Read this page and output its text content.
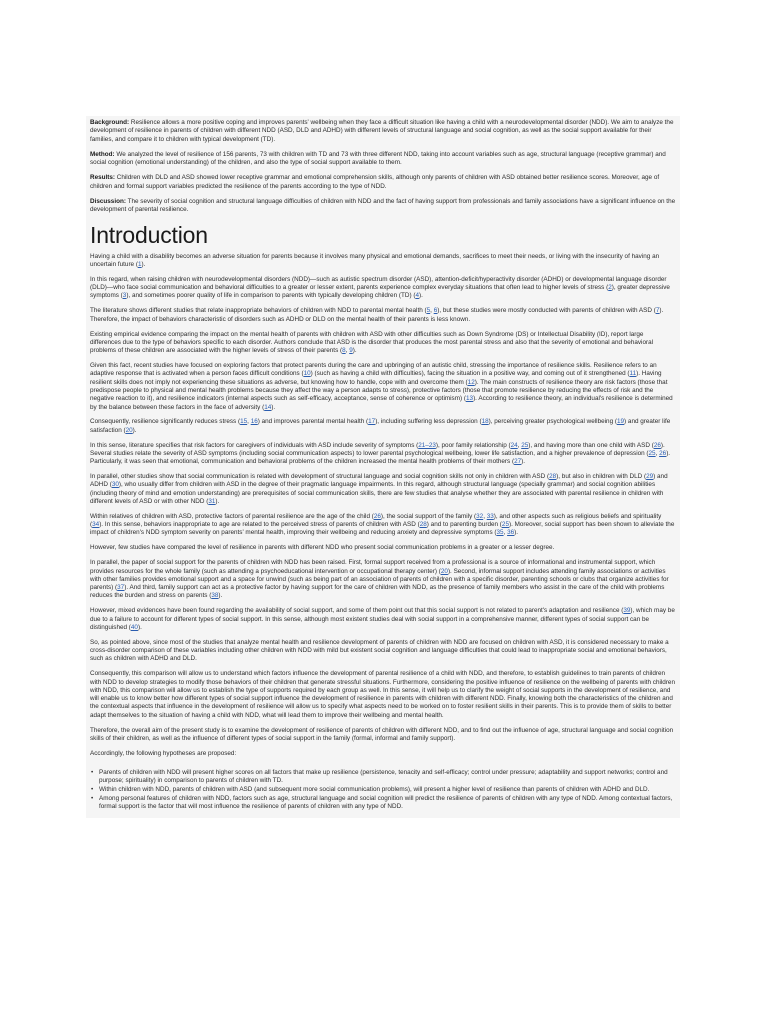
Background: Resilience allows a more positive coping and improves parents' wellbeing when they face a difficult situation like having a child with a neurodevelopmental disorder (NDD). We aim to analyze the development of resilience in parents of children with different NDD (ASD, DLD and ADHD) with different levels of structural language and social cognition, as well as the social support available for their families, and compare it to children with typical development (TD).

Method: We analyzed the level of resilience of 156 parents, 73 with children with TD and 73 with three different NDD, taking into account variables such as age, structural language (receptive grammar) and social cognition (emotional understanding) of the children, and also the type of social support available to them.

Results: Children with DLD and ASD showed lower receptive grammar and emotional comprehension skills, although only parents of children with ASD obtained better resilience scores. Moreover, age of children and formal support variables predicted the resilience of the parents according to the type of NDD.

Discussion: The severity of social cognition and structural language difficulties of children with NDD and the fact of having support from professionals and family associations have a significant influence on the development of parental resilience.

Introduction

Having a child with a disability becomes an adverse situation for parents because it involves many physical and emotional demands, sacrifices to meet their needs, or living with the insecurity of having an uncertain future (1).

In this regard, when raising children with neurodevelopmental disorders (NDD)—such as autistic spectrum disorder (ASD), attention-deficit/hyperactivity disorder (ADHD) or developmental language disorder (DLD)—who face social communication and behavioral difficulties to a greater or lesser extent, parents experience complex everyday situations that often lead to higher levels of stress (2), greater depressive symptoms (3), and sometimes poorer quality of life in comparison to parents with typically developing children (TD) (4).

The literature shows different studies that relate inappropriate behaviors of children with NDD to parental mental health (5, 6), but these studies were mostly conducted with parents of children with ASD (7). Therefore, the impact of behaviors characteristic of disorders such as ADHD or DLD on the mental health of their parents is less known.

Existing empirical evidence comparing the impact on the mental health of parents with children with ASD with other difficulties such as Down Syndrome (DS) or Intellectual Disability (ID), report large differences due to the type of behaviors specific to each disorder. Authors conclude that ASD is the disorder that produces the most parental stress and also that the severity of emotional and behavioral problems of these children are associated with the higher levels of stress of their parents (8, 9).

Given this fact, recent studies have focused on exploring factors that protect parents during the care and upbringing of an autistic child, stressing the importance of resilience skills. Resilience refers to an adaptive response that is activated when a person faces difficult conditions (10) (such as having a child with difficulties), facing the situation in a positive way, and coming out of it strengthened (11). Having resilient skills does not imply not experiencing these situations as adverse, but knowing how to handle, cope with and overcome them (12). The main constructs of resilience theory are risk factors (those that predispose people to physical and mental health problems because they affect the way a person adapts to stress), protective factors (those that promote resilience by reducing the effects of risk and the negative reaction to it), and resilience indicators (internal aspects such as self-efficacy, acceptance, sense of coherence or optimism) (13). According to resilience theory, an individual's resilience is determined by the balance between these factors in the face of adversity (14).

Consequently, resilience significantly reduces stress (15, 16) and improves parental mental health (17), including suffering less depression (18), perceiving greater psychological wellbeing (19) and greater life satisfaction (20).

In this sense, literature specifies that risk factors for caregivers of individuals with ASD include severity of symptoms (21–23), poor family relationship (24, 25), and having more than one child with ASD (26). Several studies relate the severity of ASD symptoms (including social communication aspects) to lower parental psychological wellbeing, lower life satisfaction, and a higher prevalence of depression (25, 26). Particularly, it was seen that emotional, communication and behavioral problems of the children increased the mental health problems of their mothers (27).

In parallel, other studies show that social communication is related with development of structural language and social cognition skills not only in children with ASD (28), but also in children with DLD (29) and ADHD (30), who usually differ from children with ASD in the degree of their pragmatic language impairments. In this regard, although structural language (specially grammar) and social cognition abilities (including theory of mind and emotion understanding) are prerequisites of social communication skills, there are few studies that analyse whether they are associated with parental resilience in children with different levels of ASD or with other NDD (31).

Within relatives of children with ASD, protective factors of parental resilience are the age of the child (26), the social support of the family (32, 33), and other aspects such as religious beliefs and spirituality (34). In this sense, behaviors inappropriate to age are related to the perceived stress of parents of children with ASD (28) and to parenting burden (25). Moreover, social support has been shown to alleviate the impact of children's NDD symptom severity on parents' mental health, improving their wellbeing and reducing anxiety and depressive symptoms (35, 36).

However, few studies have compared the level of resilience in parents with different NDD who present social communication problems in a greater or a lesser degree.

In parallel, the paper of social support for the parents of children with NDD has been raised. First, formal support received from a professional is a source of informational and instrumental support, which provides resources for the whole family (such as attending a psychoeducational intervention or occupational therapy center) (20). Second, informal support includes attending family associations or activities with other families provides emotional support and a space for unwind (such as being part of an association of parents of children with a specific disorder, parenting schools or clubs that organize activities for parents) (37). And third, family support can act as a protective factor by having support for the care of children with NDD, as the presence of family members who assist in the care of the child with problems reduces the burden and stress on parents (38).

However, mixed evidences have been found regarding the availability of social support, and some of them point out that this social support is not related to parent's adaptation and resilience (39), which may be due to a failure to account for different types of social support. In this sense, although most existent studies deal with social support in a comprehensive manner, different types of social support can be distinguished (40).

So, as pointed above, since most of the studies that analyze mental health and resilience development of parents of children with NDD are focused on children with ASD, it is considered necessary to make a cross-disorder comparison of these variables including other children with NDD with mild but existent social cognition and language difficulties that could lead to inappropriate social and emotional behaviors, such as children with ADHD and DLD.

Consequently, this comparison will allow us to understand which factors influence the development of parental resilience of a child with NDD, and therefore, to establish guidelines to train parents of children with NDD to develop strategies to modify those behaviors of their children that generate stressful situations. Furthermore, considering the positive influence of resilience on the wellbeing of parents with children with NDD, this comparison will allow us to establish the type of supports required by each group as well. In this sense, it will help us to clarify the weight of social supports in the development of resilience, and will enable us to know better how different types of social support influence the development of resilience in parents with children with different NDD. Finally, knowing both the characteristics of the children and the contextual aspects that influence in the development of resilience will allow us to specify what aspects need to be worked on to foster resilient skills in their parents. This is to provide them of skills to better adapt themselves to the situation of having a child with NDD, what will lead them to improve their wellbeing and mental health.

Therefore, the overall aim of the present study is to examine the development of resilience of parents of children with different NDD, and to find out the influence of age, structural language and social cognition skills of their children, as well as the influence of different types of social support in the family (formal, informal and family support).

Accordingly, the following hypotheses are proposed:

• Parents of children with NDD will present higher scores on all factors that make up resilience (persistence, tenacity and self-efficacy; control under pressure; adaptability and support networks; control and purpose; spirituality) in comparison to parents of children with TD.
• Within children with NDD, parents of children with ASD (and subsequent more social communication problems), will present a higher level of resilience than parents of children with ADHD and DLD.
• Among personal features of children with NDD, factors such as age, structural language and social cognition will predict the resilience of parents of children with any type of NDD. Among contextual factors, formal support is the factor that will most influence the resilience of parents of children with any type of NDD.
